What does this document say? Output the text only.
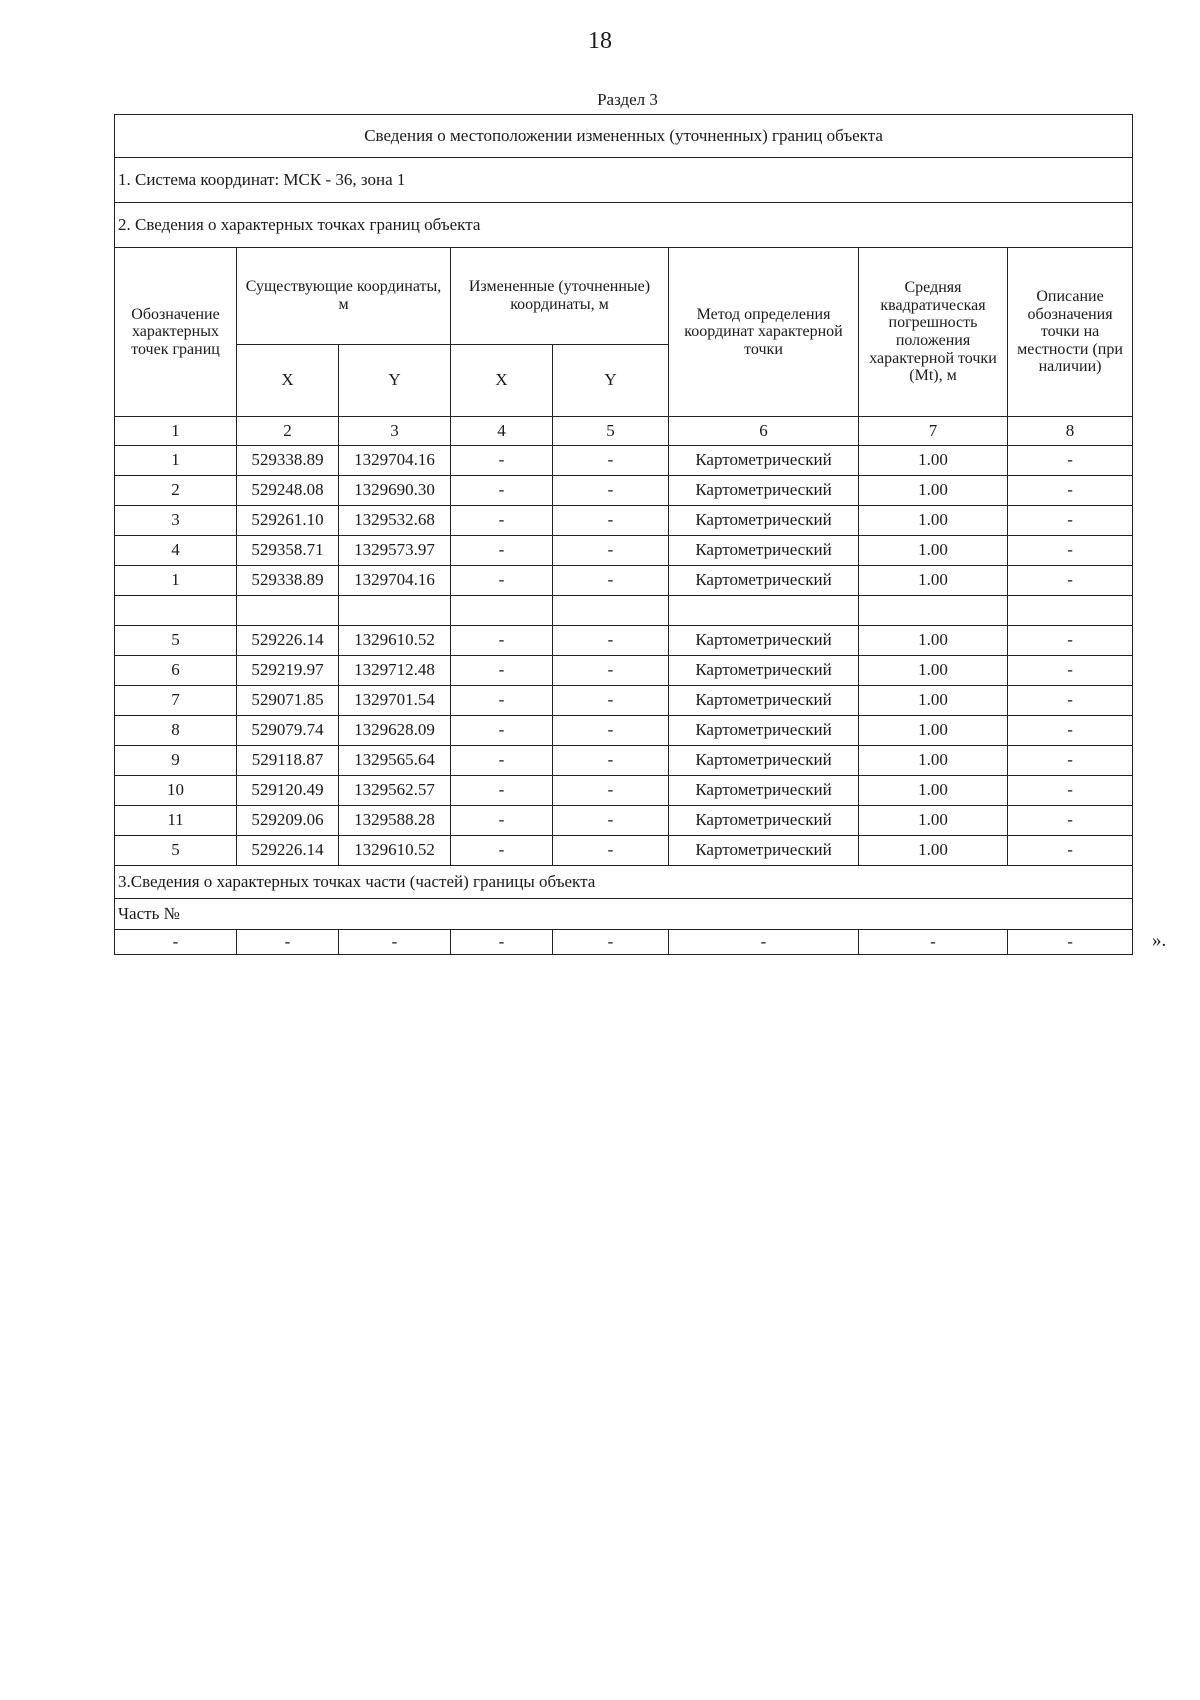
18
Раздел 3
Сведения о местоположении измененных (уточненных) границ объекта							
1. Система координат: МСК - 36, зона 1							
2. Сведения о характерных точках границ объекта							
Обозначение характерных точек границ	Существующие координаты, м		Измененные (уточненные) координаты, м		Метод определения координат характерной точки	Средняя квадратическая погрешность положения характерной точки (Mt), м	Описание обозначения точки на местности (при наличии)
	X	Y	X	Y			
1	2	3	4	5	6	7	8
1	529338.89	1329704.16	-	-	Картометрический	1.00	-
2	529248.08	1329690.30	-	-	Картометрический	1.00	-
3	529261.10	1329532.68	-	-	Картометрический	1.00	-
4	529358.71	1329573.97	-	-	Картометрический	1.00	-
1	529338.89	1329704.16	-	-	Картометрический	1.00	-

5	529226.14	1329610.52	-	-	Картометрический	1.00	-
6	529219.97	1329712.48	-	-	Картометрический	1.00	-
7	529071.85	1329701.54	-	-	Картометрический	1.00	-
8	529079.74	1329628.09	-	-	Картометрический	1.00	-
9	529118.87	1329565.64	-	-	Картометрический	1.00	-
10	529120.49	1329562.57	-	-	Картометрический	1.00	-
11	529209.06	1329588.28	-	-	Картометрический	1.00	-
5	529226.14	1329610.52	-	-	Картометрический	1.00	-
3.Сведения о характерных точках части (частей) границы объекта							
Часть №							
-	-	-	-	-	-	-	-	».
